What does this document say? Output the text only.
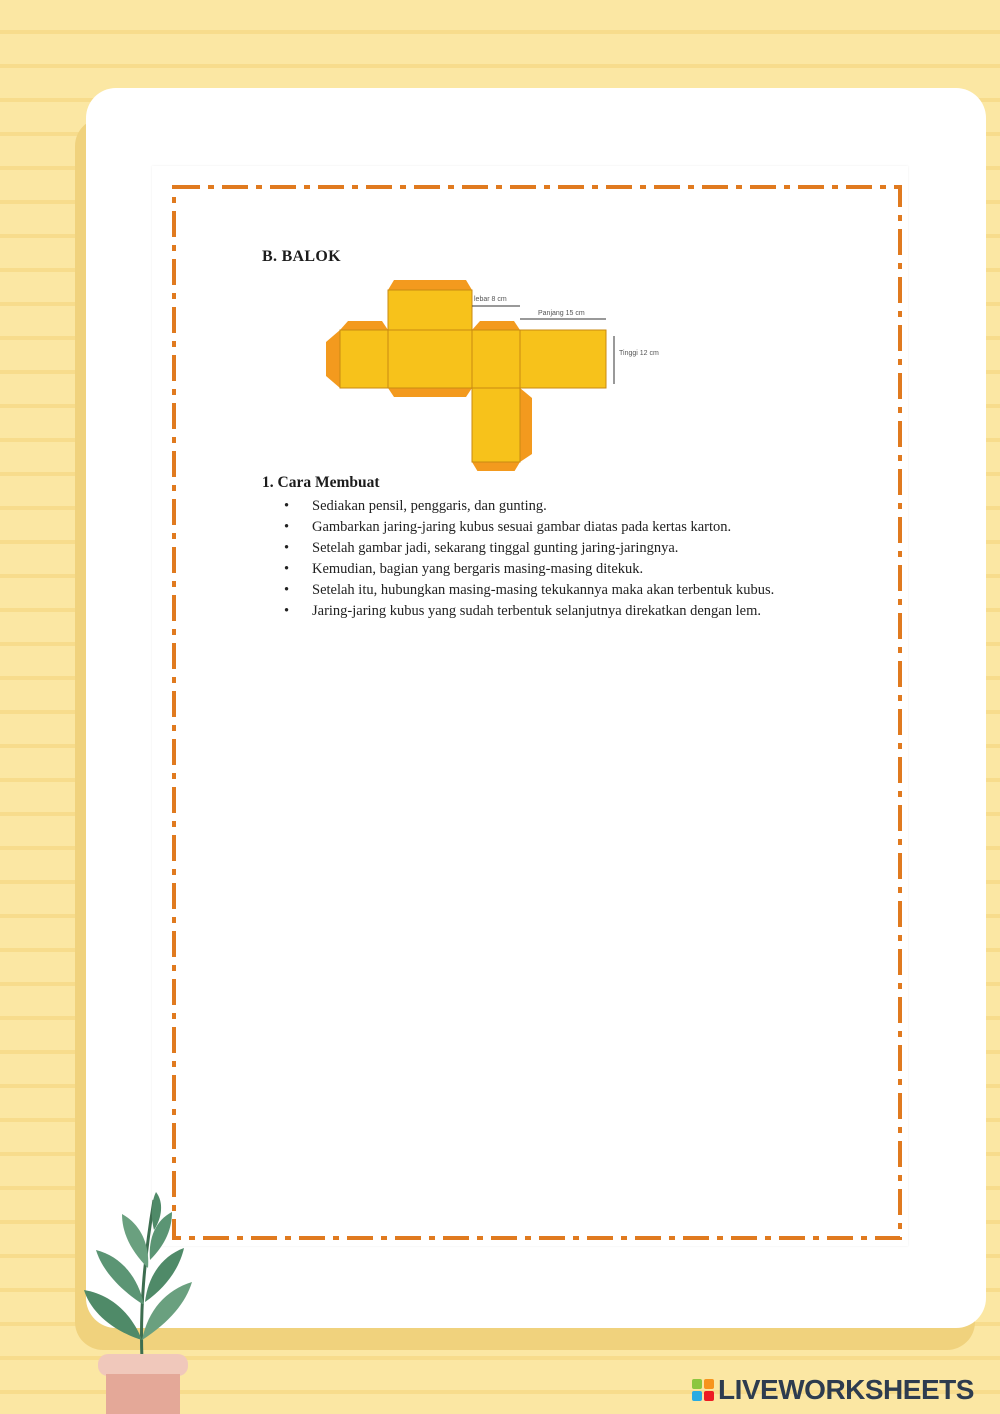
B. BALOK
lebar 8 cm
Panjang 15 cm
Tinggi 12 cm
1. Cara Membuat
• Sediakan pensil, penggaris, dan gunting.
• Gambarkan jaring-jaring kubus sesuai gambar diatas pada kertas karton.
• Setelah gambar jadi, sekarang tinggal gunting jaring-jaringnya.
• Kemudian, bagian yang bergaris masing-masing ditekuk.
• Setelah itu, hubungkan masing-masing tekukannya maka akan terbentuk kubus.
• Jaring-jaring kubus yang sudah terbentuk selanjutnya direkatkan dengan lem.
LIVEWORKSHEETS
